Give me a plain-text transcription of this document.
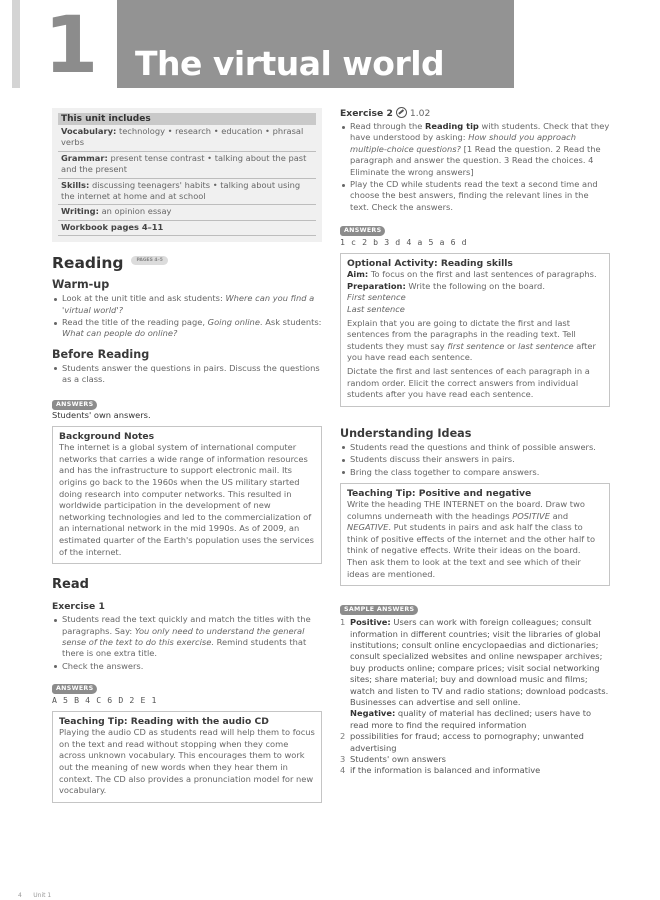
1 The virtual world
This unit includes
Vocabulary: technology • research • education • phrasal verbs
Grammar: present tense contrast • talking about the past and the present
Skills: discussing teenagers' habits • talking about using the internet at home and at school
Writing: an opinion essay
Workbook pages 4–11
Reading	PAGES 4–5
Warm-up
Look at the unit title and ask students: Where can you find a 'virtual world'?
Read the title of the reading page, Going online. Ask students: What can people do online?
Before Reading
Students answer the questions in pairs. Discuss the questions as a class.
ANSWERS
Students' own answers.
Background Notes
The internet is a global system of international computer networks that carries a wide range of information resources and has the infrastructure to support electronic mail. Its origins go back to the 1960s when the US military started doing research into computer networks. This resulted in worldwide participation in the development of new networking technologies and led to the commercialization of an international network in the mid 1990s. As of 2009, an estimated quarter of the Earth's population uses the services of the internet.
Read
Exercise 1
Students read the text quickly and match the titles with the paragraphs. Say: You only need to understand the general sense of the text to do this exercise. Remind students that there is one extra title.
Check the answers.
ANSWERS
A 5 B 4 C 6 D 2 E 1
Teaching Tip: Reading with the audio CD
Playing the audio CD as students read will help them to focus on the text and read without stopping when they come across unknown vocabulary. This encourages them to work out the meaning of new words when they hear them in context. The CD also provides a pronunciation model for new vocabulary.
Exercise 2 1.02
Read through the Reading tip with students. Check that they have understood by asking: How should you approach multiple-choice questions? [1 Read the question. 2 Read the paragraph and answer the question. 3 Read the choices. 4 Eliminate the wrong answers]
Play the CD while students read the text a second time and choose the best answers, finding the relevant lines in the text. Check the answers.
ANSWERS
1 c 2 b 3 d 4 a 5 a 6 d
Optional Activity: Reading skills
Aim: To focus on the first and last sentences of paragraphs.
Preparation: Write the following on the board.
First sentence
Last sentence
Explain that you are going to dictate the first and last sentences from the paragraphs in the reading text. Tell students they must say first sentence or last sentence after you have read each sentence.
Dictate the first and last sentences of each paragraph in a random order. Elicit the correct answers from individual students after you have read each sentence.
Understanding Ideas
Students read the questions and think of possible answers.
Students discuss their answers in pairs.
Bring the class together to compare answers.
Teaching Tip: Positive and negative
Write the heading THE INTERNET on the board. Draw two columns underneath with the headings POSITIVE and NEGATIVE. Put students in pairs and ask half the class to think of positive effects of the internet and the other half to think of negative effects. Write their ideas on the board. Then ask them to look at the text and see which of their ideas are mentioned.
SAMPLE ANSWERS
1 Positive: Users can work with foreign colleagues; consult information in different countries; visit the libraries of global institutions; consult online encyclopaedias and dictionaries; consult specialized websites and online newspaper archives; buy products online; compare prices; visit social networking sites; share material; buy and download music and films; watch and listen to TV and radio stations; download podcasts. Businesses can advertise and sell online.
Negative: quality of material has declined; users have to read more to find the required information
2 possibilities for fraud; access to pornography; unwanted advertising
3 Students' own answers
4 if the information is balanced and informative
4 Unit 1
